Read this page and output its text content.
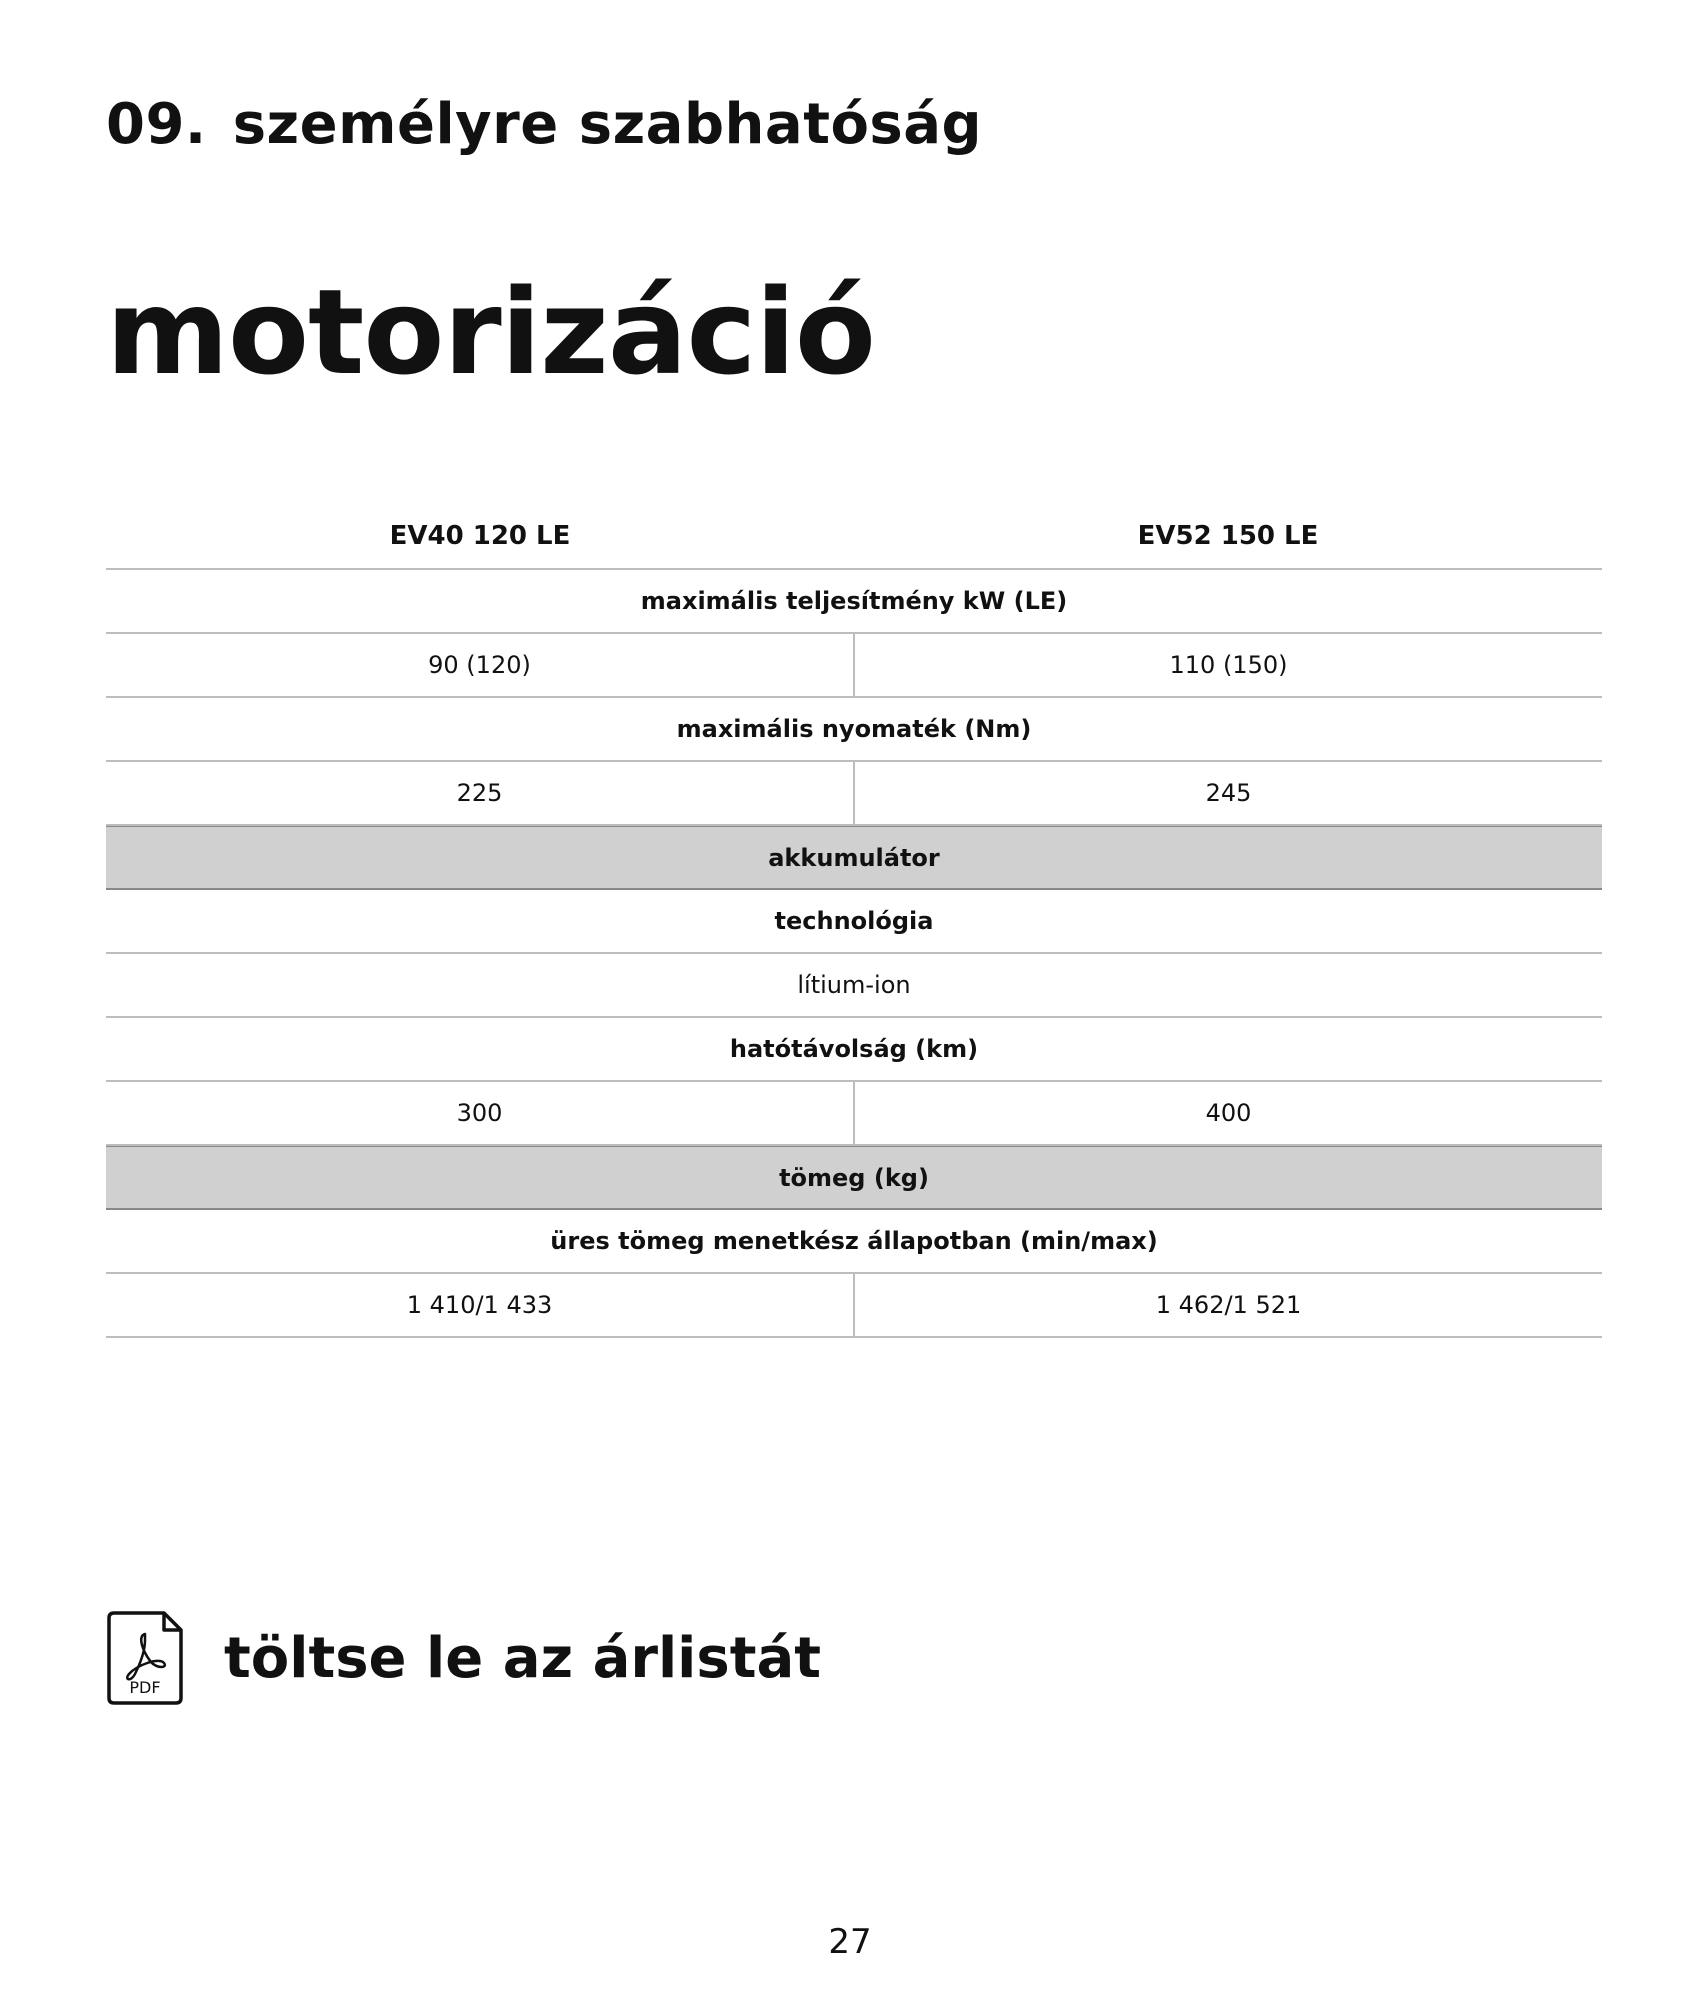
09. személyre szabhatóság
motorizáció
EV40 120 LE	EV52 150 LE
maximális teljesítmény kW (LE)
90 (120)	110 (150)
maximális nyomaték (Nm)
225	245
akkumulátor
technológia
lítium-ion
hatótávolság (km)
300	400
tömeg (kg)
üres tömeg menetkész állapotban (min/max)
1 410/1 433	1 462/1 521
PDF töltse le az árlistát
27
